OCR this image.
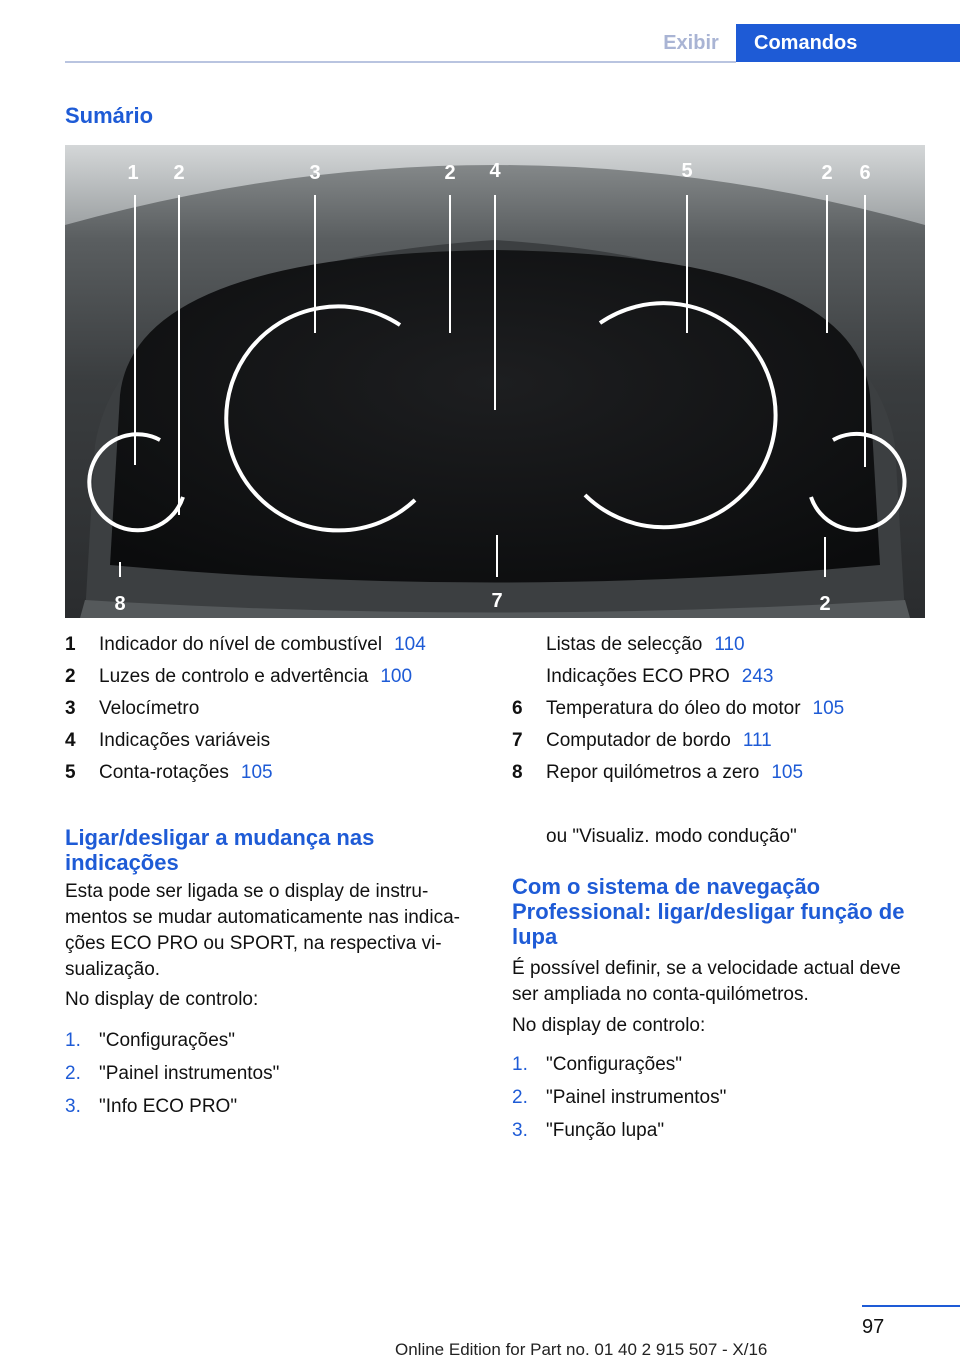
Exibir	Comandos
Sumário
1 2	3	2 4	5	2 6
8	7	2
1 Indicador do nível de combustível 104
2 Luzes de controlo e advertência 100
3 Velocímetro
4 Indicações variáveis
5 Conta-rotações 105
Listas de selecção 110
Indicações ECO PRO 243
6 Temperatura do óleo do motor 105
7 Computador de bordo 111
8 Repor quilómetros a zero 105
Ligar/desligar a mudança nas
indicações
Esta pode ser ligada se o display de instru-
mentos se mudar automaticamente nas indica-
ções ECO PRO ou SPORT, na respectiva vi-
sualização.
No display de controlo:
1. "Configurações"
2. "Painel instrumentos"
3. "Info ECO PRO"
ou "Visualiz. modo condução"
Com o sistema de navegação
Professional: ligar/desligar função de
lupa
É possível definir, se a velocidade actual deve
ser ampliada no conta-quilómetros.
No display de controlo:
1. "Configurações"
2. "Painel instrumentos"
3. "Função lupa"
97
Online Edition for Part no. 01 40 2 915 507 - X/16
